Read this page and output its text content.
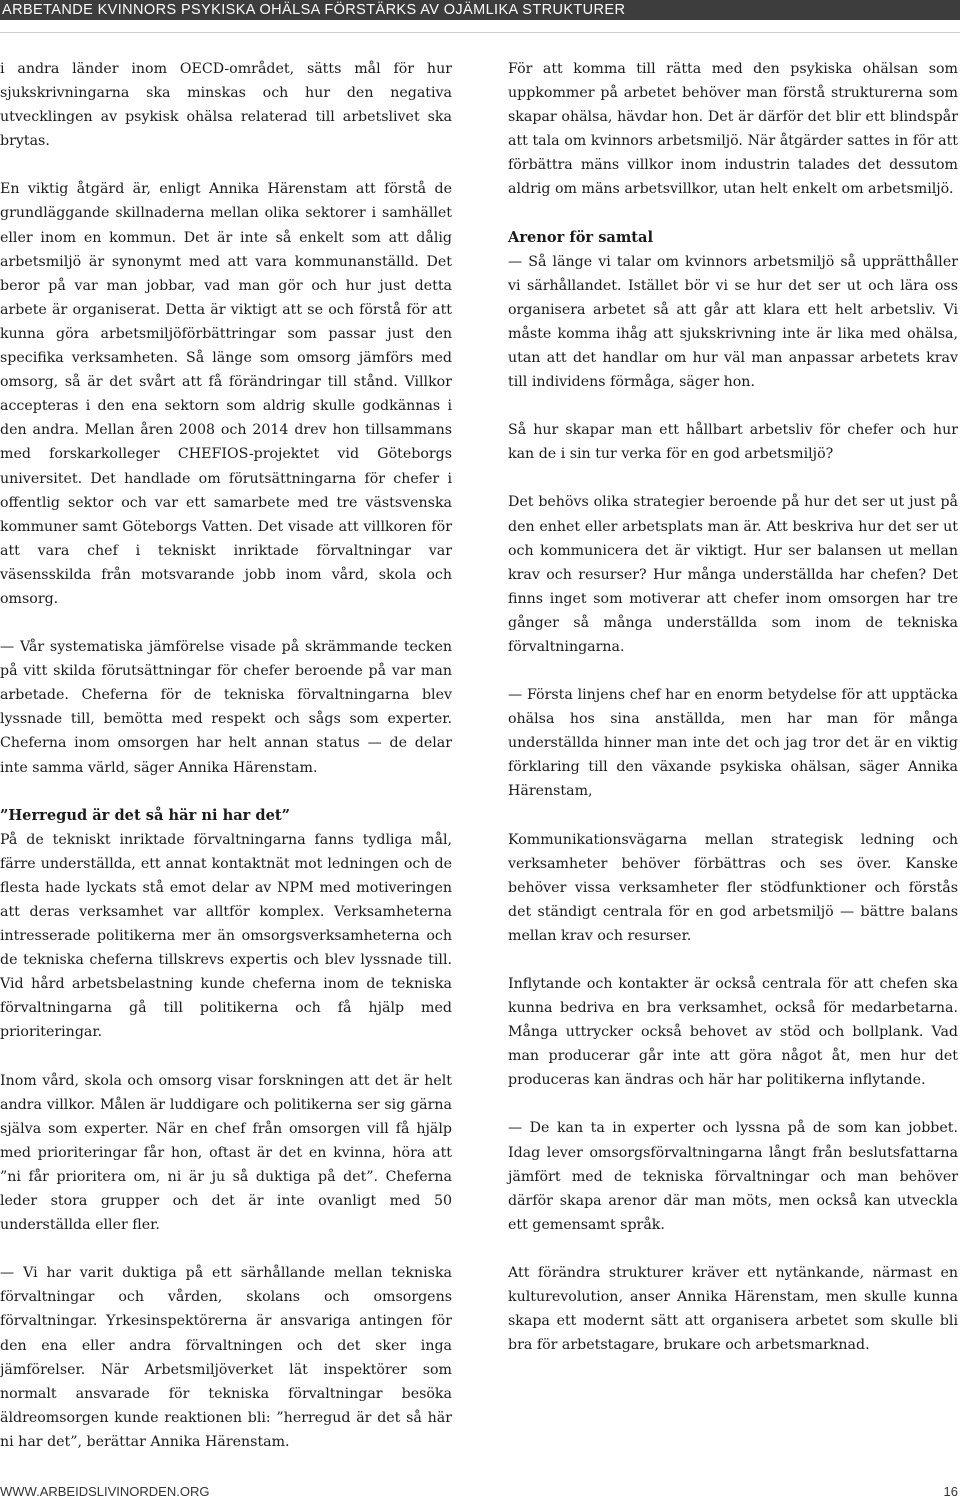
ARBETANDE KVINNORS PSYKISKA OHÄLSA FÖRSTÄRKS AV OJÄMLIKA STRUKTURER

i andra länder inom OECD-området, sätts mål för hur sjukskrivningarna ska minskas och hur den negativa utvecklingen av psykisk ohälsa relaterad till arbetslivet ska brytas.

En viktig åtgärd är, enligt Annika Härenstam att förstå de grundläggande skillnaderna mellan olika sektorer i samhället eller inom en kommun. Det är inte så enkelt som att dålig arbetsmiljö är synonymt med att vara kommunanställd. Det beror på var man jobbar, vad man gör och hur just detta arbete är organiserat. Detta är viktigt att se och förstå för att kunna göra arbetsmiljöförbättringar som passar just den specifika verksamheten. Så länge som omsorg jämförs med omsorg, så är det svårt att få förändringar till stånd. Villkor accepteras i den ena sektorn som aldrig skulle godkännas i den andra. Mellan åren 2008 och 2014 drev hon tillsammans med forskarkolleger CHEFIOS-projektet vid Göteborgs universitet. Det handlade om förutsättningarna för chefer i offentlig sektor och var ett samarbete med tre västsvenska kommuner samt Göteborgs Vatten. Det visade att villkoren för att vara chef i tekniskt inriktade förvaltningar var väsensskilda från motsvarande jobb inom vård, skola och omsorg.

— Vår systematiska jämförelse visade på skrämmande tecken på vitt skilda förutsättningar för chefer beroende på var man arbetade. Cheferna för de tekniska förvaltningarna blev lyssnade till, bemötta med respekt och sågs som experter. Cheferna inom omsorgen har helt annan status — de delar inte samma värld, säger Annika Härenstam.

”Herregud är det så här ni har det”

På de tekniskt inriktade förvaltningarna fanns tydliga mål, färre underställda, ett annat kontaktnät mot ledningen och de flesta hade lyckats stå emot delar av NPM med motiveringen att deras verksamhet var alltför komplex. Verksamheterna intresserade politikerna mer än omsorgsverksamheterna och de tekniska cheferna tillskrevs expertis och blev lyssnade till. Vid hård arbetsbelastning kunde cheferna inom de tekniska förvaltningarna gå till politikerna och få hjälp med prioriteringar.

Inom vård, skola och omsorg visar forskningen att det är helt andra villkor. Målen är luddigare och politikerna ser sig gärna själva som experter. När en chef från omsorgen vill få hjälp med prioriteringar får hon, oftast är det en kvinna, höra att ”ni får prioritera om, ni är ju så duktiga på det”. Cheferna leder stora grupper och det är inte ovanligt med 50 underställda eller fler.

— Vi har varit duktiga på ett särhållande mellan tekniska förvaltningar och vården, skolans och omsorgens förvaltningar. Yrkesinspektörerna är ansvariga antingen för den ena eller andra förvaltningen och det sker inga jämförelser. När Arbetsmiljöverket lät inspektörer som normalt ansvarade för tekniska förvaltningar besöka äldreomsorgen kunde reaktionen bli: ”herregud är det så här ni har det”, berättar Annika Härenstam.

För att komma till rätta med den psykiska ohälsan som uppkommer på arbetet behöver man förstå strukturerna som skapar ohälsa, hävdar hon. Det är därför det blir ett blindspår att tala om kvinnors arbetsmiljö. När åtgärder sattes in för att förbättra mäns villkor inom industrin talades det dessutom aldrig om mäns arbetsvillkor, utan helt enkelt om arbetsmiljö.

Arenor för samtal

— Så länge vi talar om kvinnors arbetsmiljö så upprätthåller vi särhållandet. Istället bör vi se hur det ser ut och lära oss organisera arbetet så att går att klara ett helt arbetsliv. Vi måste komma ihåg att sjukskrivning inte är lika med ohälsa, utan att det handlar om hur väl man anpassar arbetets krav till individens förmåga, säger hon.

Så hur skapar man ett hållbart arbetsliv för chefer och hur kan de i sin tur verka för en god arbetsmiljö?

Det behövs olika strategier beroende på hur det ser ut just på den enhet eller arbetsplats man är. Att beskriva hur det ser ut och kommunicera det är viktigt. Hur ser balansen ut mellan krav och resurser? Hur många underställda har chefen? Det finns inget som motiverar att chefer inom omsorgen har tre gånger så många underställda som inom de tekniska förvaltningarna.

— Första linjens chef har en enorm betydelse för att upptäcka ohälsa hos sina anställda, men har man för många underställda hinner man inte det och jag tror det är en viktig förklaring till den växande psykiska ohälsan, säger Annika Härenstam,

Kommunikationsvägarna mellan strategisk ledning och verksamheter behöver förbättras och ses över. Kanske behöver vissa verksamheter fler stödfunktioner och förstås det ständigt centrala för en god arbetsmiljö — bättre balans mellan krav och resurser.

Inflytande och kontakter är också centrala för att chefen ska kunna bedriva en bra verksamhet, också för medarbetarna. Många uttrycker också behovet av stöd och bollplank. Vad man producerar går inte att göra något åt, men hur det produceras kan ändras och här har politikerna inflytande.

— De kan ta in experter och lyssna på de som kan jobbet. Idag lever omsorgsförvaltningarna långt från beslutsfattarna jämfört med de tekniska förvaltningar och man behöver därför skapa arenor där man möts, men också kan utveckla ett gemensamt språk.

Att förändra strukturer kräver ett nytänkande, närmast en kulturevolution, anser Annika Härenstam, men skulle kunna skapa ett modernt sätt att organisera arbetet som skulle bli bra för arbetstagare, brukare och arbetsmarknad.

WWW.ARBEIDSLIVINORDEN.ORG	16
